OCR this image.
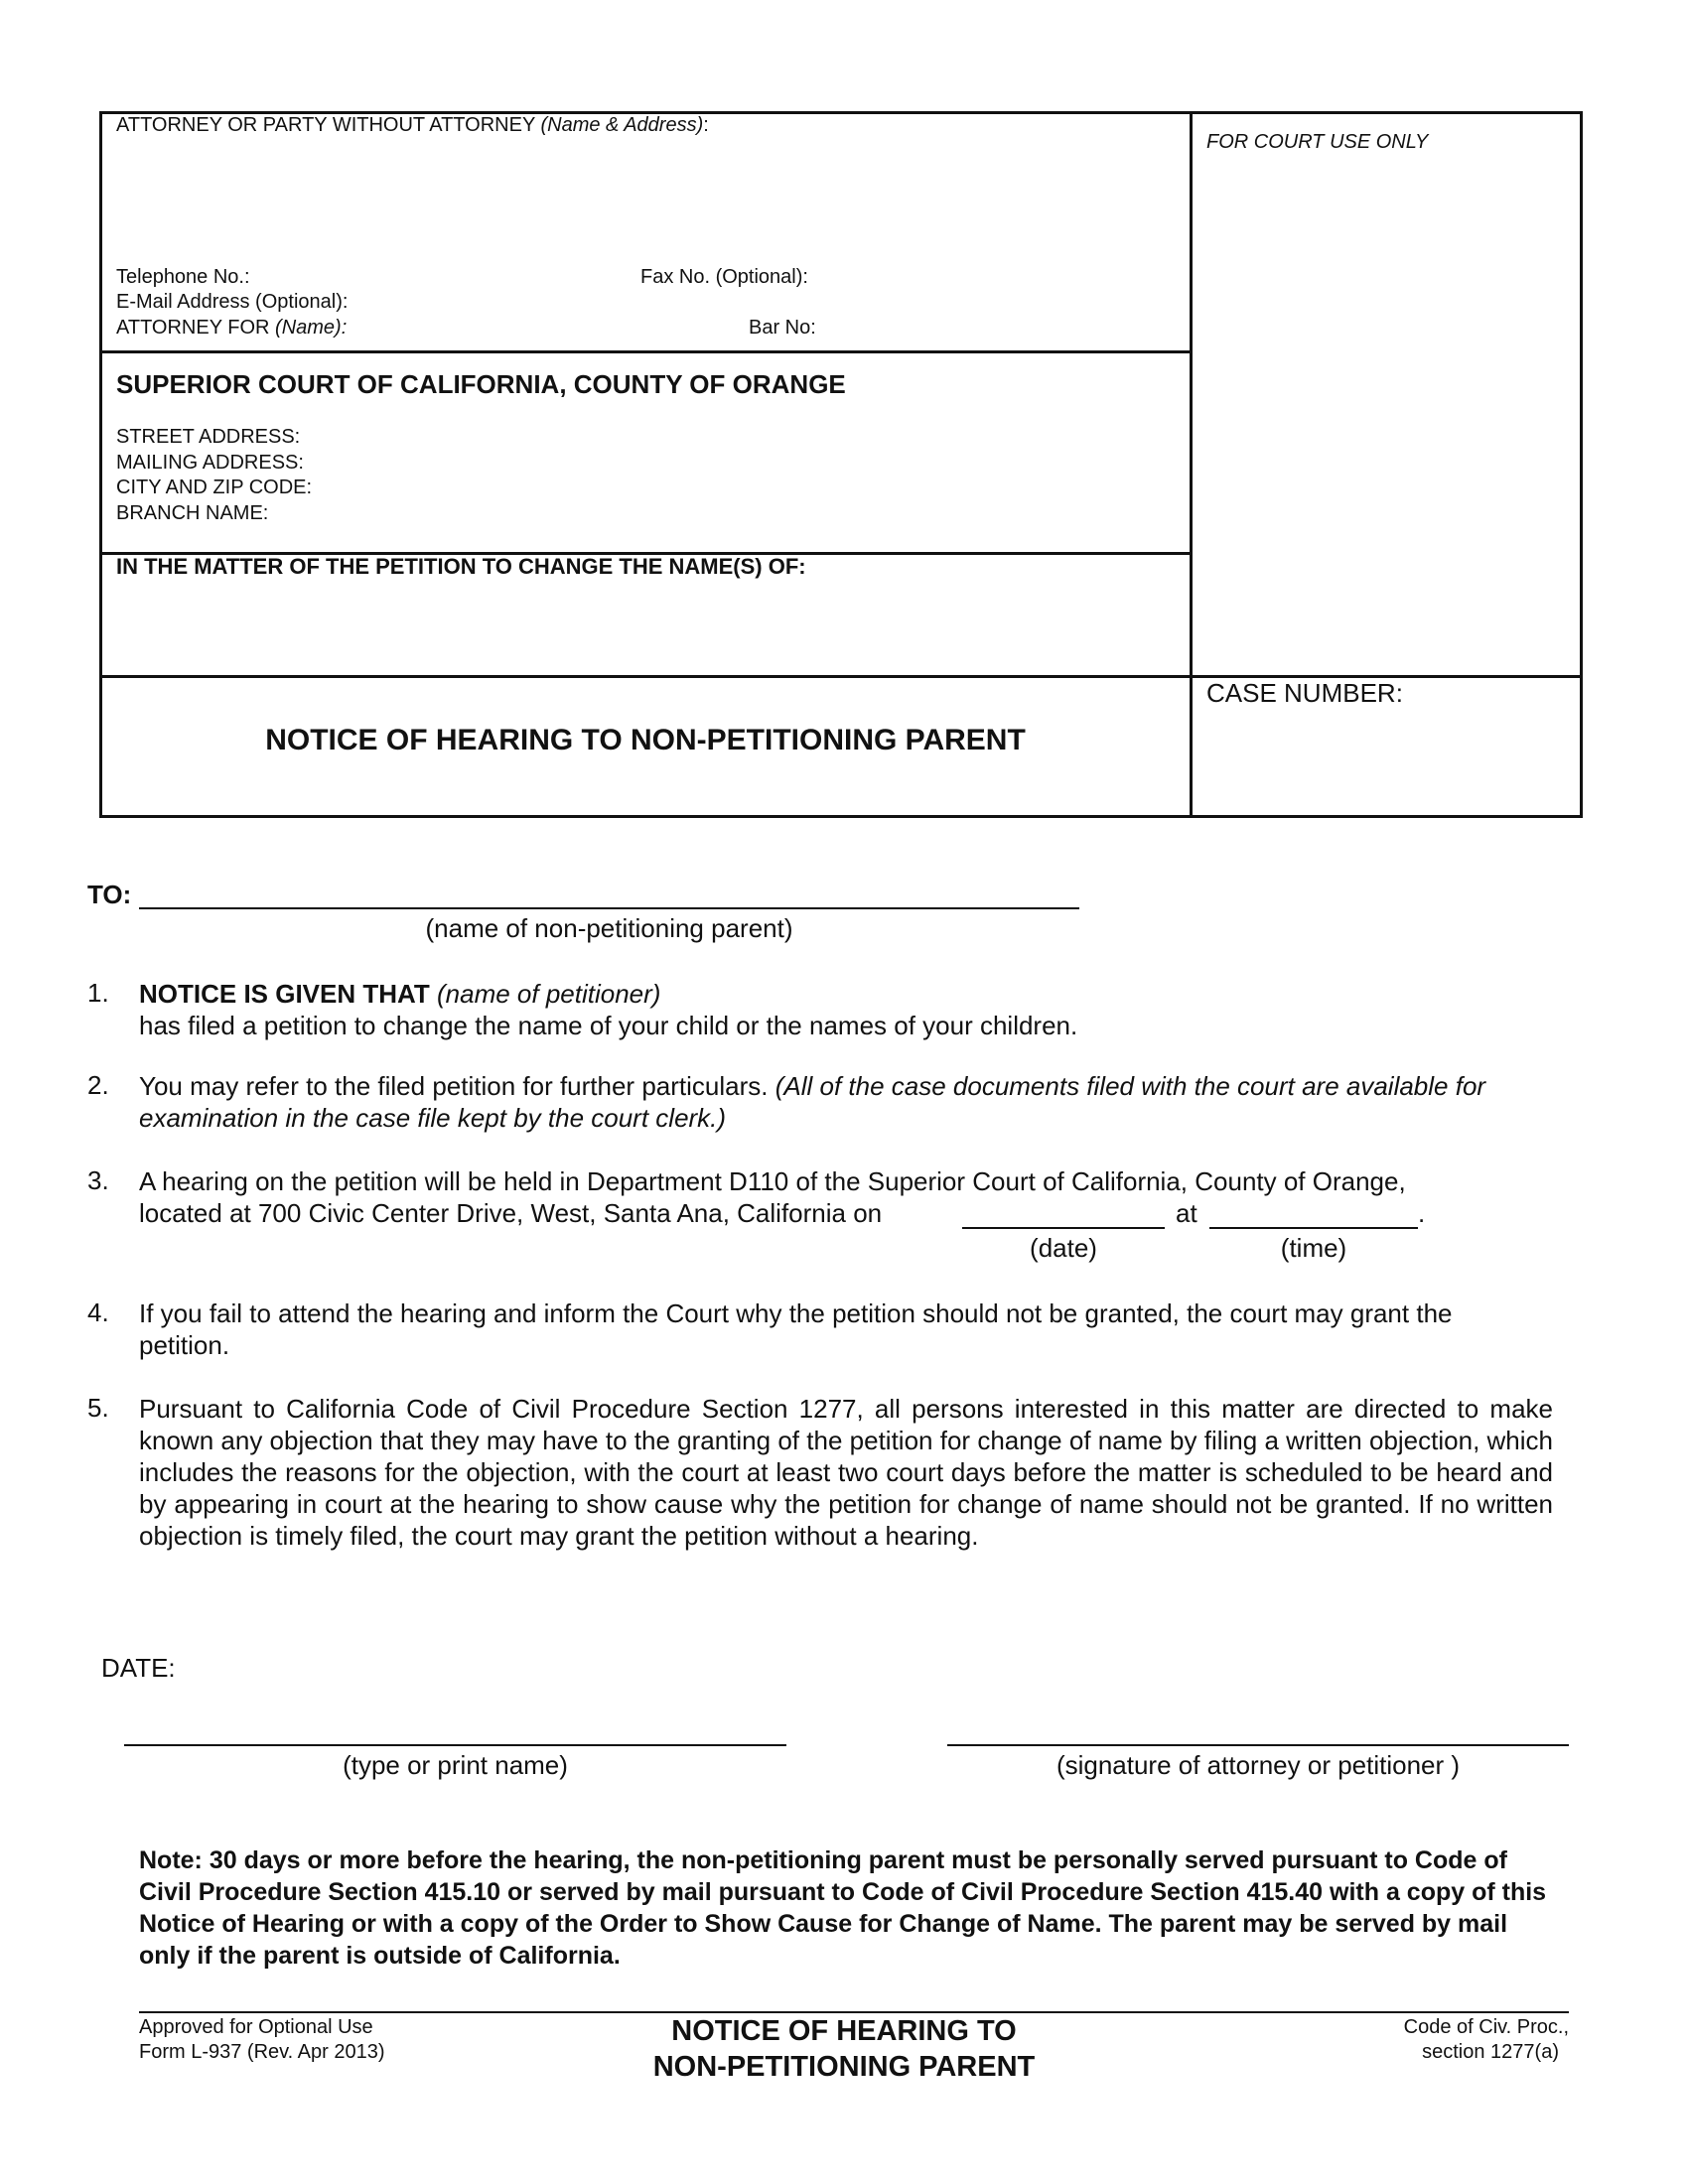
ATTORNEY OR PARTY WITHOUT ATTORNEY (Name & Address):
Telephone No.:	Fax No. (Optional):
E-Mail Address (Optional):
ATTORNEY FOR (Name):	Bar No:
FOR COURT USE ONLY
SUPERIOR COURT OF CALIFORNIA, COUNTY OF ORANGE
STREET ADDRESS:
MAILING ADDRESS:
CITY AND ZIP CODE:
BRANCH NAME:
IN THE MATTER OF THE PETITION TO CHANGE THE NAME(S) OF:
CASE NUMBER:
NOTICE OF HEARING TO NON-PETITIONING PARENT
TO:
(name of non-petitioning parent)
1. NOTICE IS GIVEN THAT (name of petitioner)
has filed a petition to change the name of your child or the names of your children.
2. You may refer to the filed petition for further particulars. (All of the case documents filed with the court are available for examination in the case file kept by the court clerk.)
3. A hearing on the petition will be held in Department D110 of the Superior Court of California, County of Orange,
located at 700 Civic Center Drive, West, Santa Ana, California on	at	.
(date)	(time)
4. If you fail to attend the hearing and inform the Court why the petition should not be granted, the court may grant the petition.
5. Pursuant to California Code of Civil Procedure Section 1277, all persons interested in this matter are directed to make known any objection that they may have to the granting of the petition for change of name by filing a written objection, which includes the reasons for the objection, with the court at least two court days before the matter is scheduled to be heard and by appearing in court at the hearing to show cause why the petition for change of name should not be granted. If no written objection is timely filed, the court may grant the petition without a hearing.
DATE:
(type or print name)	(signature of attorney or petitioner )
Note: 30 days or more before the hearing, the non-petitioning parent must be personally served pursuant to Code of Civil Procedure Section 415.10 or served by mail pursuant to Code of Civil Procedure Section 415.40 with a copy of this Notice of Hearing or with a copy of the Order to Show Cause for Change of Name. The parent may be served by mail only if the parent is outside of California.
Approved for Optional Use
Form L-937 (Rev. Apr 2013)
NOTICE OF HEARING TO
NON-PETITIONING PARENT
Code of Civ. Proc.,
section 1277(a)
